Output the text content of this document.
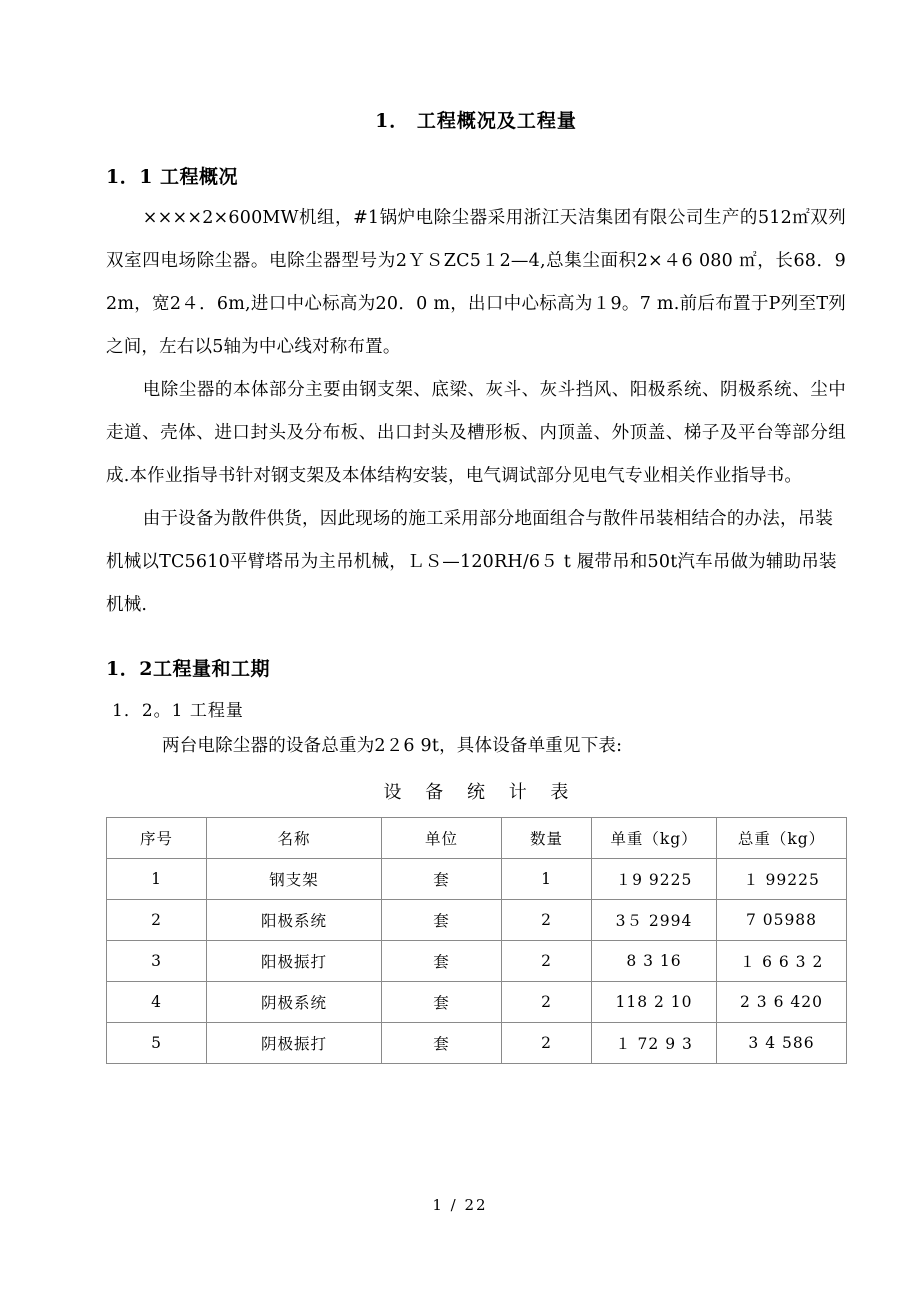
1． 工程概况及工程量
1．1 工程概况

××××2×600MW机组，#1锅炉电除尘器采用浙江天洁集团有限公司生产的512㎡双列双室四电场除尘器。电除尘器型号为2ＹＳZC5１2—4,总集尘面积2×４6 080 ㎡，长68．9 2m，宽2４．6m,进口中心标高为20．0 m，出口中心标高为１9。7 m.前后布置于P列至T列之间，左右以5轴为中心线对称布置。

电除尘器的本体部分主要由钢支架、底梁、灰斗、灰斗挡风、阳极系统、阴极系统、尘中走道、壳体、进口封头及分布板、出口封头及槽形板、内顶盖、外顶盖、梯子及平台等部分组成.本作业指导书针对钢支架及本体结构安装，电气调试部分见电气专业相关作业指导书。

由于设备为散件供货，因此现场的施工采用部分地面组合与散件吊装相结合的办法，吊装机械以TC5610平臂塔吊为主吊机械，ＬＳ—120RH/6５ t 履带吊和50t汽车吊做为辅助吊装机械.

1．2工程量和工期
1．2。1 工程量

两台电除尘器的设备总重为2２6 9t，具体设备单重见下表:

设 备 统 计 表
序号	名称	单位	数量	单重（kg）	总重（kg）
1	钢支架	套	1	１9 9225	１ 99225
2	阳极系统	套	2	3５ 2994	7 05988
3	阳极振打	套	2	8 3 16	１ 6 6 3 2
4	阴极系统	套	2	118 2 10	2 3 6 420
5	阴极振打	套	2	１ 72 9 3	3 4 586
1 / 22
